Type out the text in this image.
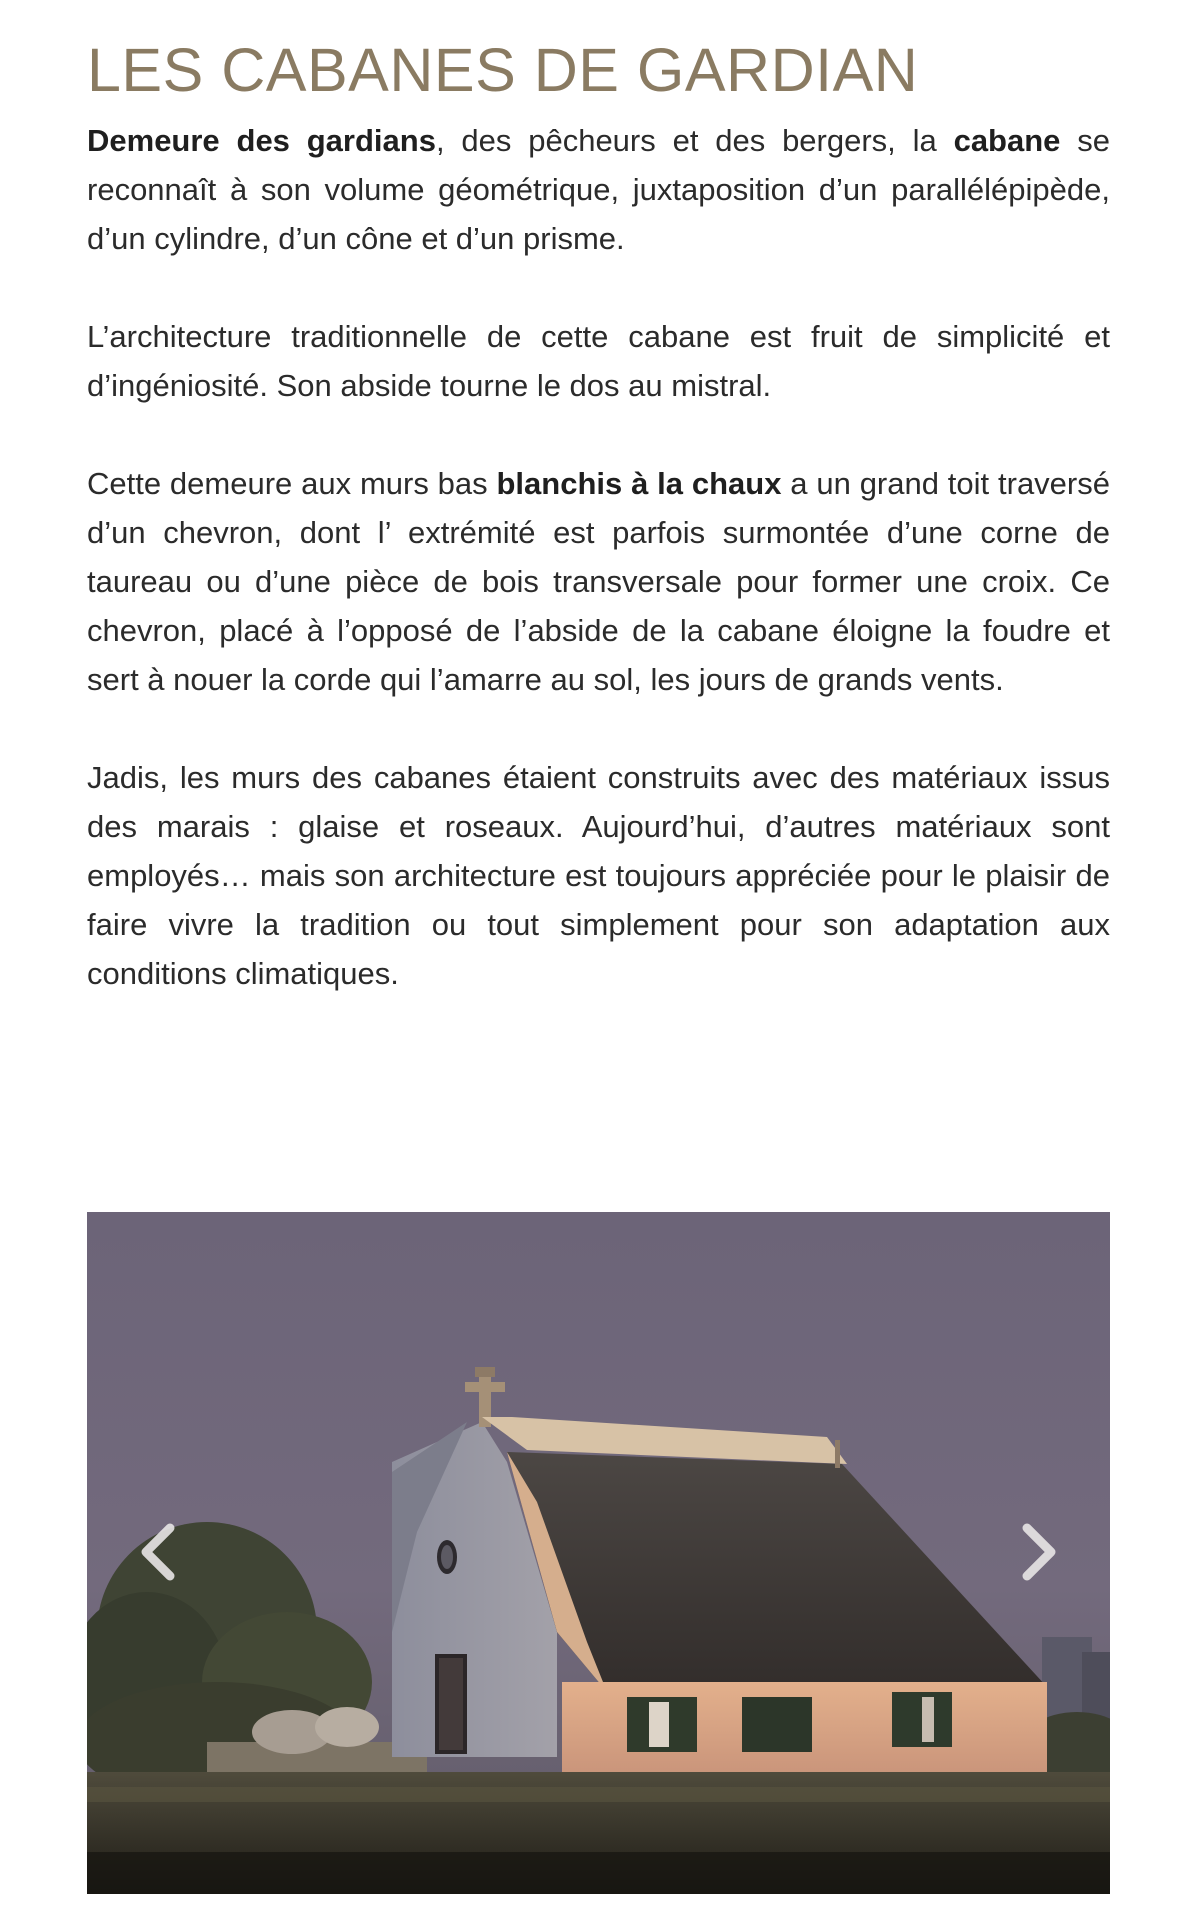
LES CABANES DE GARDIAN

Demeure des gardians, des pêcheurs et des bergers, la cabane se reconnaît à son volume géométrique, juxtaposition d’un parallélépipède, d’un cylindre, d’un cône et d’un prisme.

L’architecture traditionnelle de cette cabane est fruit de simplicité et d’ingéniosité. Son abside tourne le dos au mistral.

Cette demeure aux murs bas blanchis à la chaux a un grand toit traversé d’un chevron, dont l’ extrémité est parfois surmontée d’une corne de taureau ou d’une pièce de bois transversale pour former une croix. Ce chevron, placé à l’opposé de l’abside de la cabane éloigne la foudre et sert à nouer la corde qui l’amarre au sol, les jours de grands vents.

Jadis, les murs des cabanes étaient construits avec des matériaux issus des marais : glaise et roseaux. Aujourd’hui, d’autres matériaux sont employés… mais son architecture est toujours appréciée pour le plaisir de faire vivre la tradition ou tout simplement pour son adaptation aux conditions climatiques.
